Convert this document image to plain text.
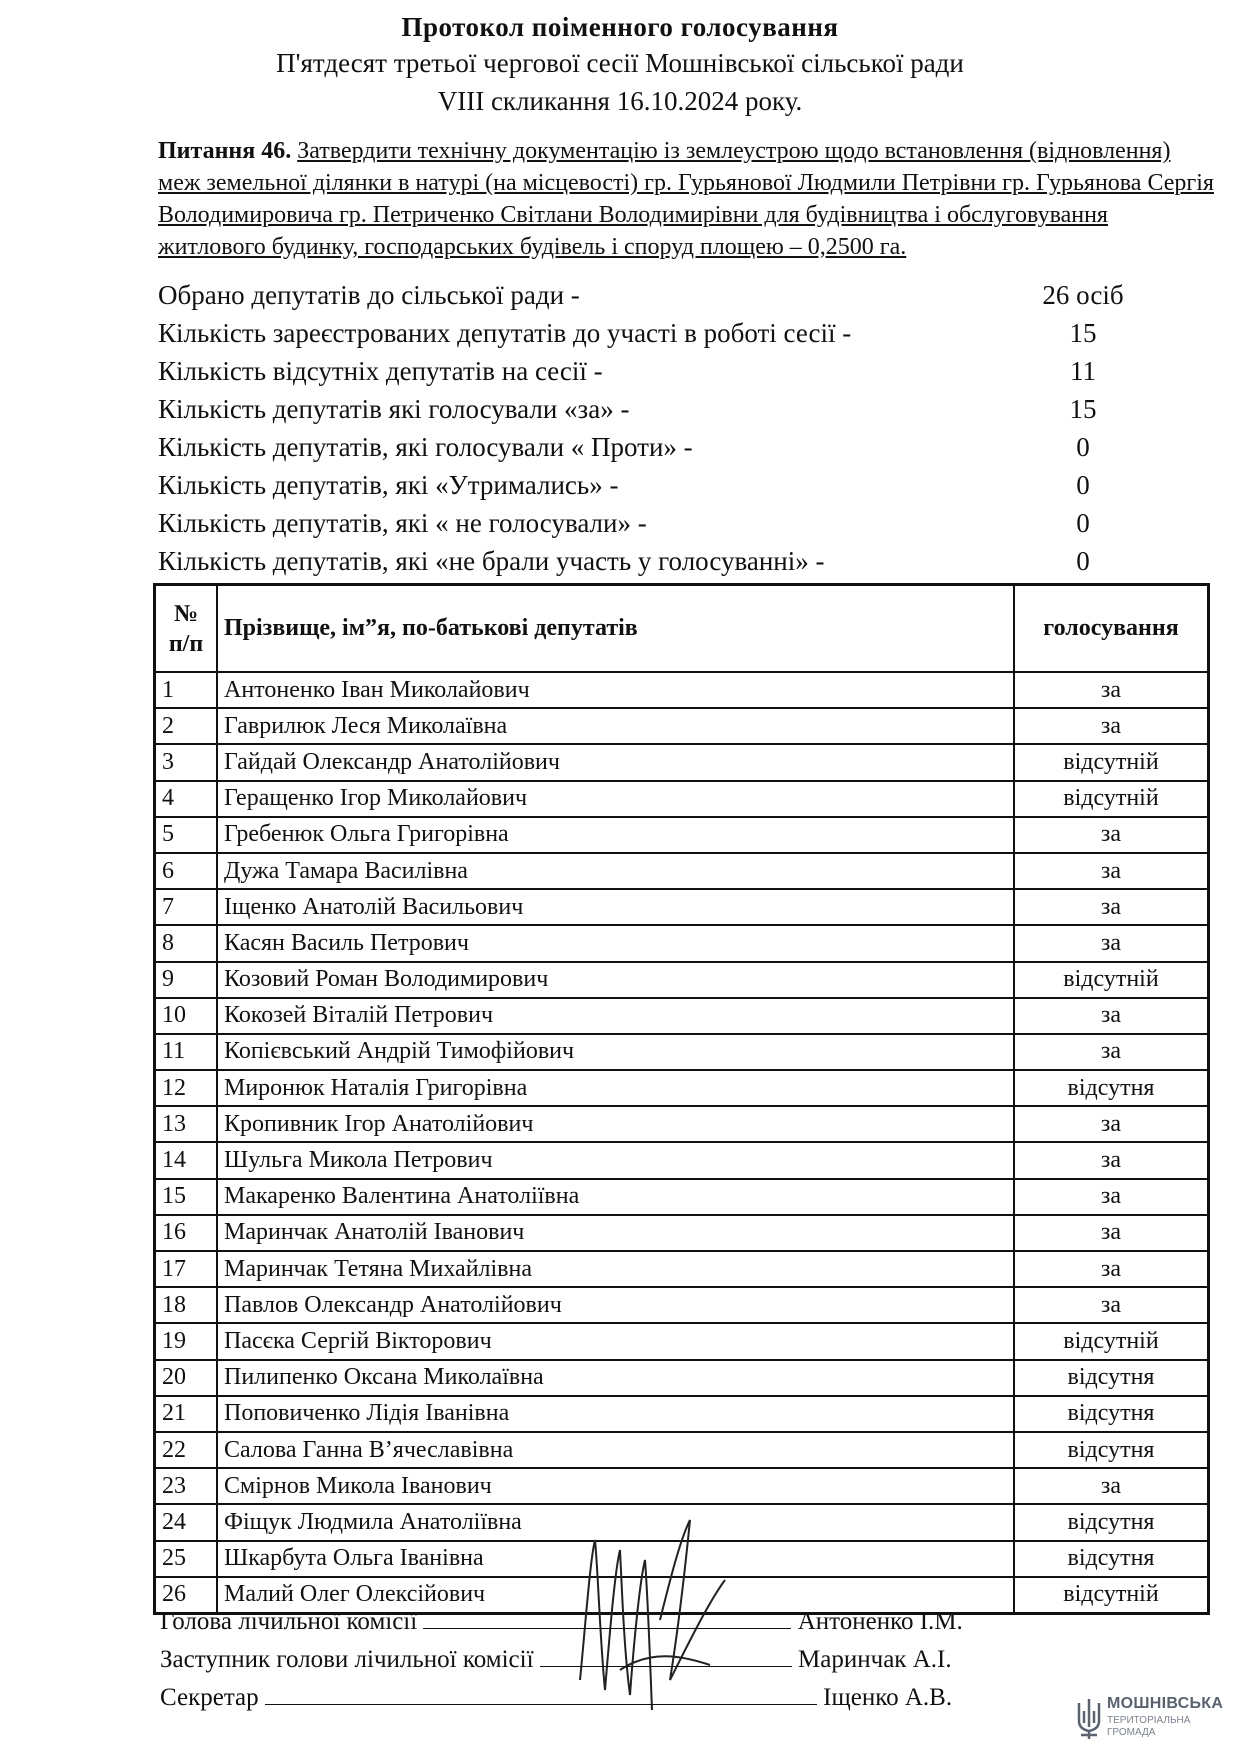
Протокол поіменного голосування
П'ятдесят третьої чергової сесії Мошнівської сільської ради
VIII скликання 16.10.2024 року.
Питання 46. Затвердити технічну документацію із землеустрою щодо встановлення (відновлення) меж земельної ділянки в натурі (на місцевості) гр. Гурьянової Людмили Петрівни гр. Гурьянова Сергія Володимировича гр. Петриченко Світлани Володимирівни для будівництва і обслуговування житлового будинку, господарських будівель і споруд площею – 0,2500 га.
Обрано депутатів до сільської ради -	26 осіб
Кількість зареєстрованих депутатів до участі в роботі сесії -	15
Кількість відсутніх депутатів на сесії -	11
Кількість депутатів які голосували «за» -	15
Кількість депутатів, які голосували « Проти» -	0
Кількість депутатів, які «Утримались» -	0
Кількість депутатів, які « не голосували» -	0
Кількість депутатів, які «не брали участь у голосуванні» -	0
№ п/п	Прізвище, ім”я, по-батькові депутатів	голосування
1	Антоненко Іван Миколайович	за
2	Гаврилюк Леся Миколаївна	за
3	Гайдай Олександр Анатолійович	відсутній
4	Геращенко Ігор Миколайович	відсутній
5	Гребенюк Ольга Григорівна	за
6	Дужа Тамара Василівна	за
7	Іщенко Анатолій Васильович	за
8	Касян Василь Петрович	за
9	Козовий Роман Володимирович	відсутній
10	Кокозей Віталій Петрович	за
11	Копієвський Андрій Тимофійович	за
12	Миронюк Наталія Григорівна	відсутня
13	Кропивник Ігор Анатолійович	за
14	Шульга Микола Петрович	за
15	Макаренко Валентина Анатоліївна	за
16	Маринчак Анатолій Іванович	за
17	Маринчак Тетяна Михайлівна	за
18	Павлов Олександр Анатолійович	за
19	Пасєка Сергій Вікторович	відсутній
20	Пилипенко Оксана Миколаївна	відсутня
21	Поповиченко Лідія Іванівна	відсутня
22	Салова Ганна В’ячеславівна	відсутня
23	Смірнов Микола Іванович	за
24	Фіщук Людмила Анатоліївна	відсутня
25	Шкарбута Ольга Іванівна	відсутня
26	Малий Олег Олексійович	відсутній
Голова лічильної комісії	Антоненко І.М.
Заступник голови лічильної комісії	Маринчак А.І.
Секретар	Іщенко А.В.	МОШНІВСЬКА
ТЕРИТОРІАЛЬНА
ГРОМАДА
